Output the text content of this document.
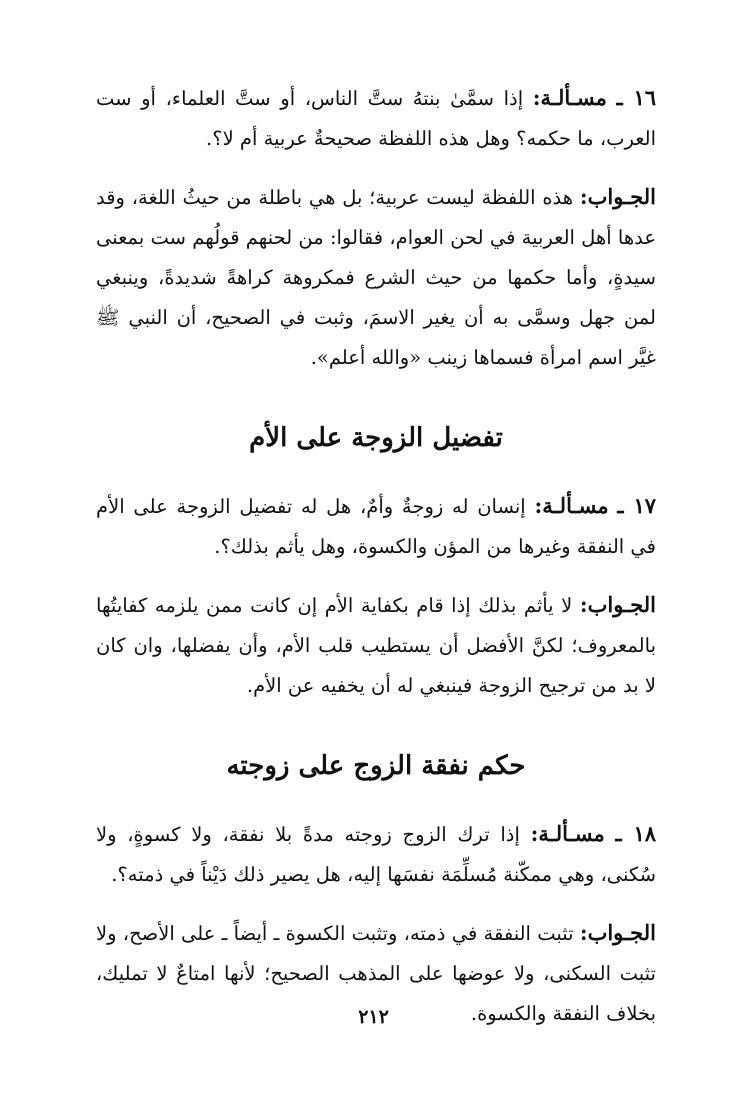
١٦ ـ مسـألـة: إذا سمَّىٰ بنتهُ ستَّ الناس، أو ستَّ العلماء، أو ست العرب، ما حكمه؟ وهل هذه اللفظة صحيحةٌ عربية أم لا؟.

الجـواب: هذه اللفظة ليست عربية؛ بل هي باطلة من حيثُ اللغة، وقد عدها أهل العربية في لحن العوام، فقالوا: من لحنهم قولُهم ست بمعنى سيدةٍ، وأما حكمها من حيث الشرع فمكروهة كراهةً شديدةً، وينبغي لمن جهل وسمَّى به أن يغير الاسمَ، وثبت في الصحيح، أن النبي ﷺ غيَّر اسم امرأة فسماها زينب «والله أعلم».

تفضيل الزوجة على الأم

١٧ ـ مسـألـة: إنسان له زوجةٌ وأمٌ، هل له تفضيل الزوجة على الأم في النفقة وغيرها من المؤن والكسوة، وهل يأثم بذلك؟.

الجـواب: لا يأثم بذلك إذا قام بكفاية الأم إن كانت ممن يلزمه كفايتُها بالمعروف؛ لكنَّ الأفضل أن يستطيب قلب الأم، وأن يفضلها، وان كان لا بد من ترجيح الزوجة فينبغي له أن يخفيه عن الأم.

حكم نفقة الزوج على زوجته

١٨ ـ مسـألـة: إذا ترك الزوج زوجته مدةً بلا نفقة، ولا كسوةٍ، ولا سُكنى، وهي ممكّنة مُسلِّمَة نفسَها إليه، هل يصير ذلك دَيْناً في ذمته؟.

الجـواب: تثبت النفقة في ذمته، وتثبت الكسوة ـ أيضاً ـ على الأصح، ولا تثبت السكنى، ولا عوضها على المذهب الصحيح؛ لأنها امتاعٌ لا تمليك، بخلاف النفقة والكسوة.

٢١٢
